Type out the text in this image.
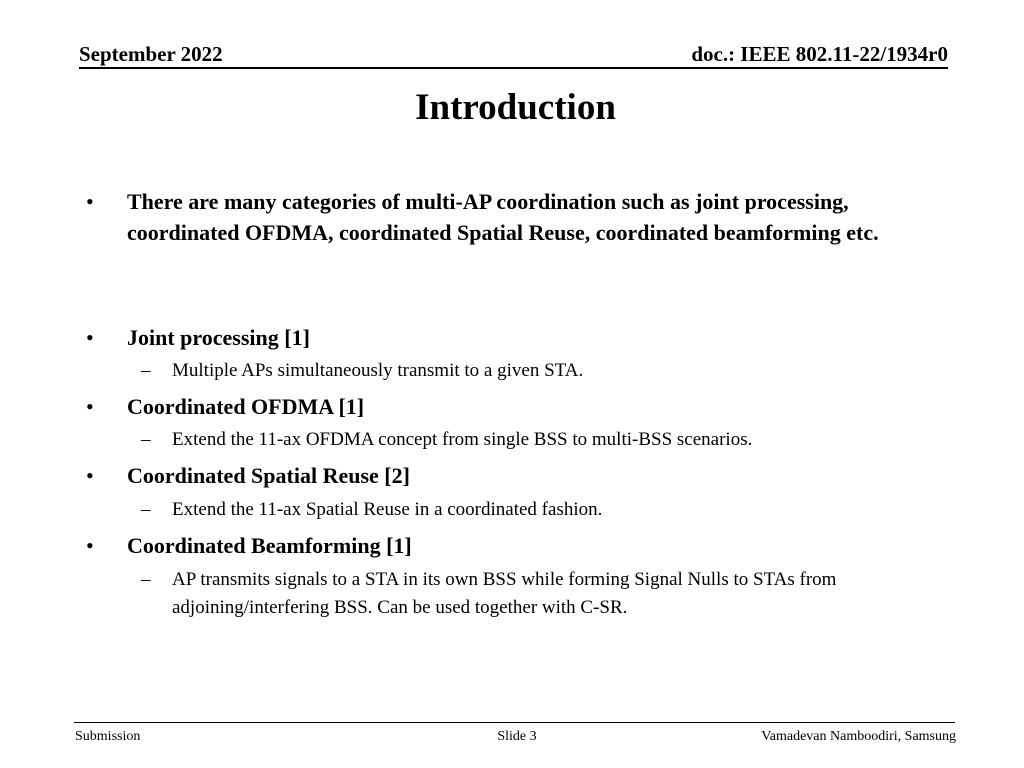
September 2022	doc.: IEEE 802.11-22/1934r0
Introduction
• There are many categories of multi-AP coordination such as joint processing, coordinated OFDMA, coordinated Spatial Reuse, coordinated beamforming etc.
• Joint processing [1]
– Multiple APs simultaneously transmit to a given STA.
• Coordinated OFDMA [1]
– Extend the 11-ax OFDMA concept from single BSS to multi-BSS scenarios.
• Coordinated Spatial Reuse [2]
– Extend the 11-ax Spatial Reuse in a coordinated fashion.
• Coordinated Beamforming [1]
– AP transmits signals to a STA in its own BSS while forming Signal Nulls to STAs from adjoining/interfering BSS. Can be used together with C-SR.
Submission	Slide 3	Vamadevan Namboodiri, Samsung
